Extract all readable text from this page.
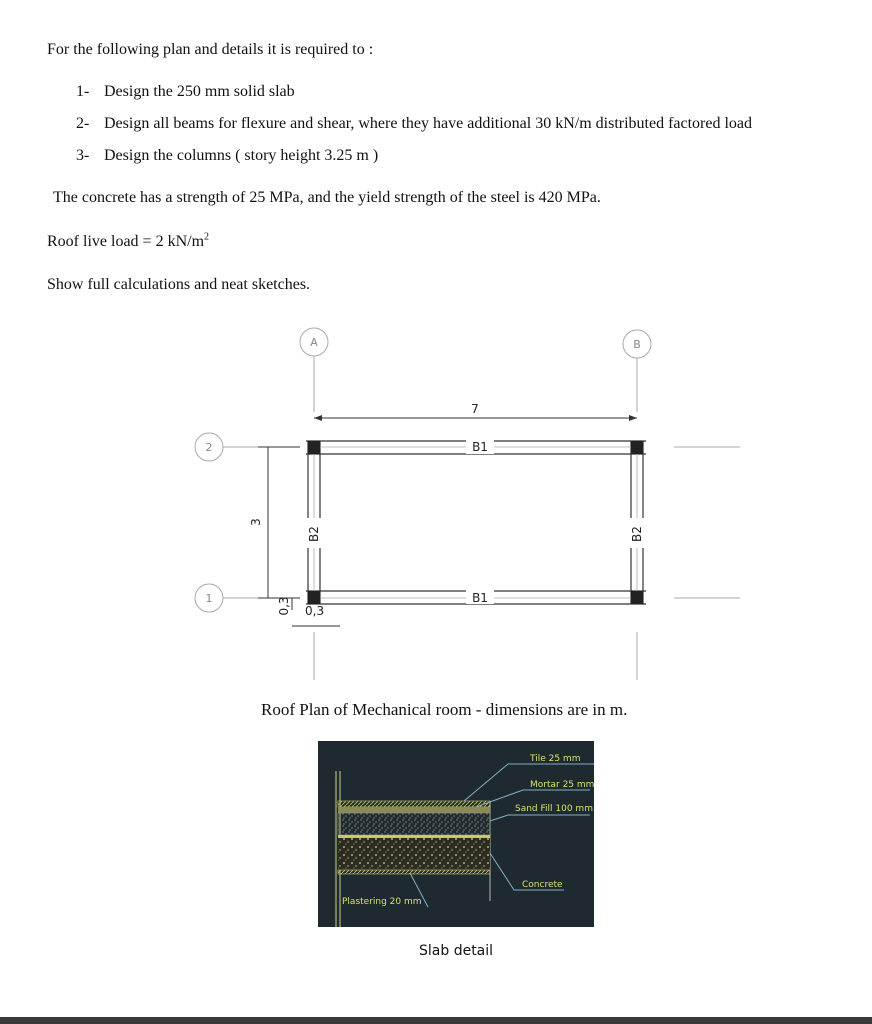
For the following plan and details it is required to :
1- Design the 250 mm solid slab
2- Design all beams for flexure and shear, where they have additional 30 kN/m distributed factored load
3- Design the columns ( story height 3.25 m )
The concrete has a strength of 25 MPa, and the yield strength of the steel is 420 MPa.
Roof live load = 2 $kN/m^2$
Show full calculations and neat sketches.
A	B
2
1
7
B1
B1
0,3
3
B2	B2
0,3
Roof Plan of Mechanical room - dimensions are in m.
Tile 25 mm
Mortar 25 mm
Sand Fill 100 mm
Concrete
Plastering 20 mm
Slab detail
